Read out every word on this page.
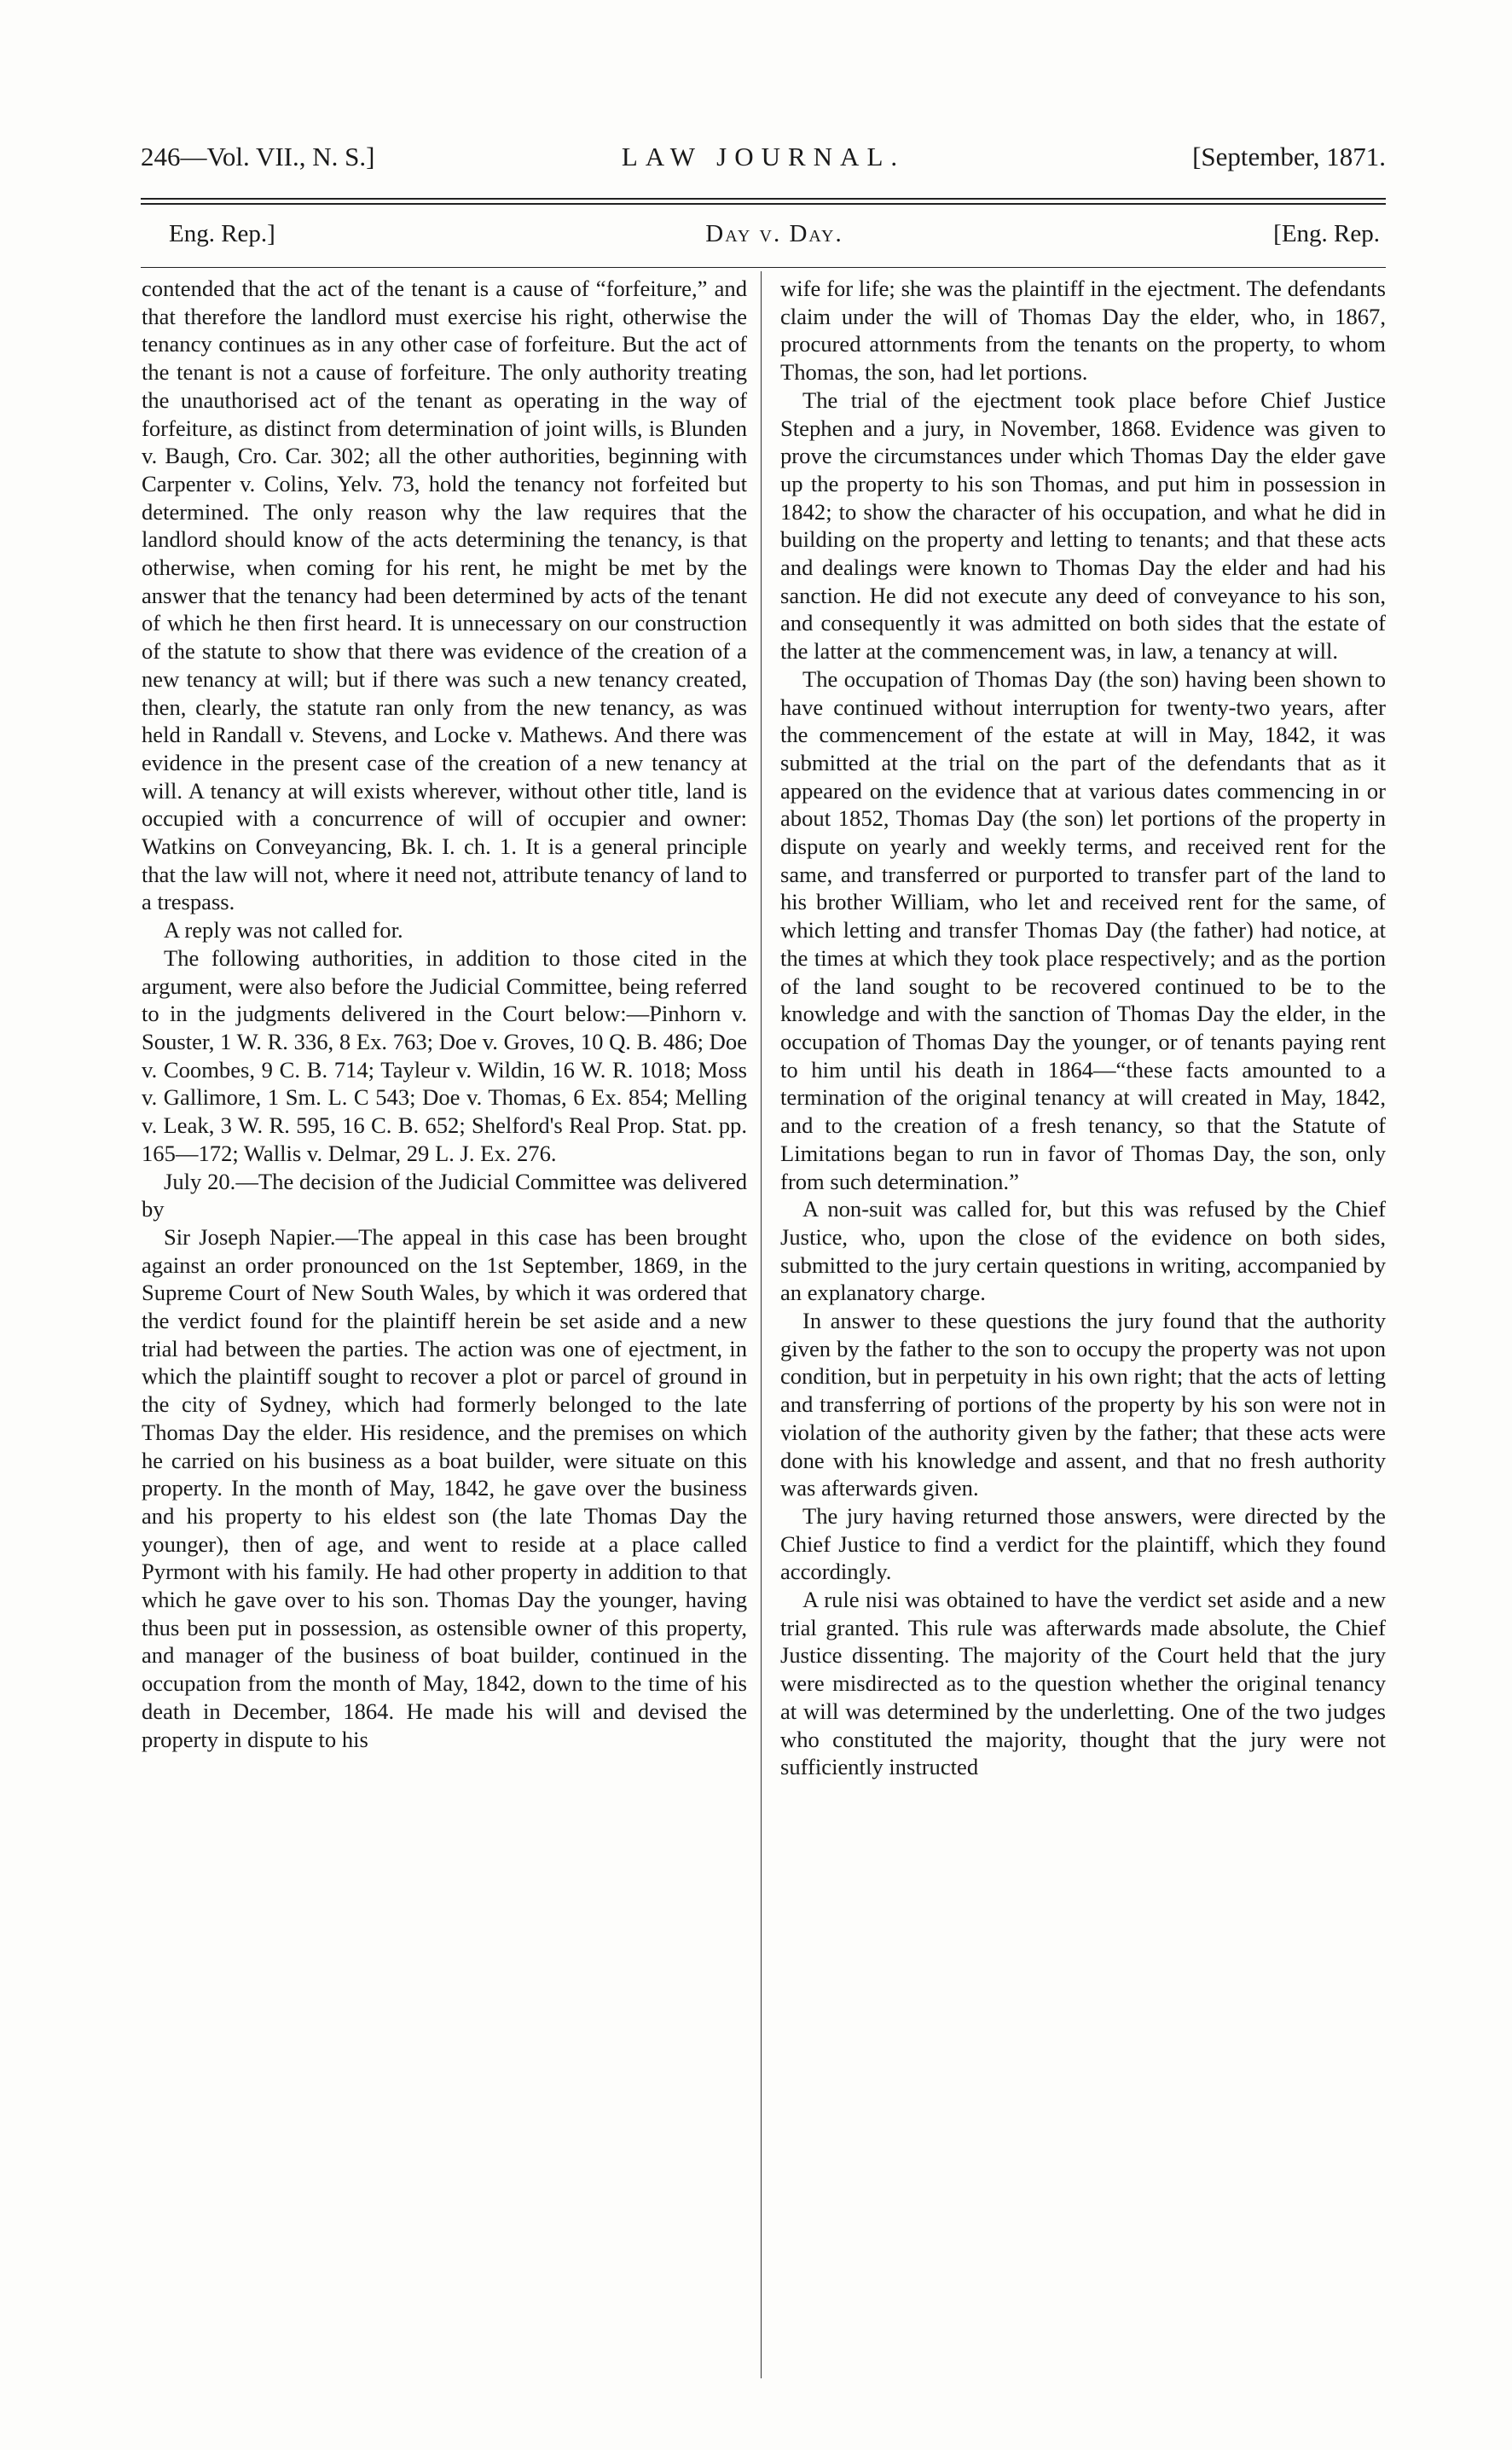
246—Vol. VII., N. S.]	LAW JOURNAL.	[September, 1871.
Eng. Rep.]	Day v. Day.	[Eng. Rep.

contended that the act of the tenant is a cause of “forfeiture,” and that therefore the landlord must exercise his right, otherwise the tenancy continues as in any other case of forfeiture. But the act of the tenant is not a cause of forfeiture. The only authority treating the unauthorised act of the tenant as operating in the way of forfeiture, as distinct from determination of joint wills, is Blunden v. Baugh, Cro. Car. 302; all the other authorities, beginning with Carpenter v. Colins, Yelv. 73, hold the tenancy not forfeited but determined. The only reason why the law requires that the landlord should know of the acts determining the tenancy, is that otherwise, when coming for his rent, he might be met by the answer that the tenancy had been determined by acts of the tenant of which he then first heard. It is unnecessary on our construction of the statute to show that there was evidence of the creation of a new tenancy at will; but if there was such a new tenancy created, then, clearly, the statute ran only from the new tenancy, as was held in Randall v. Stevens, and Locke v. Mathews. And there was evidence in the present case of the creation of a new tenancy at will. A tenancy at will exists wherever, without other title, land is occupied with a concurrence of will of occupier and owner: Watkins on Conveyancing, Bk. I. ch. 1. It is a general principle that the law will not, where it need not, attribute tenancy of land to a trespass.

A reply was not called for.

The following authorities, in addition to those cited in the argument, were also before the Judicial Committee, being referred to in the judgments delivered in the Court below:—Pinhorn v. Souster, 1 W. R. 336, 8 Ex. 763; Doe v. Groves, 10 Q. B. 486; Doe v. Coombes, 9 C. B. 714; Tayleur v. Wildin, 16 W. R. 1018; Moss v. Gallimore, 1 Sm. L. C 543; Doe v. Thomas, 6 Ex. 854; Melling v. Leak, 3 W. R. 595, 16 C. B. 652; Shelford's Real Prop. Stat. pp. 165—172; Wallis v. Delmar, 29 L. J. Ex. 276.

July 20.—The decision of the Judicial Committee was delivered by

Sir Joseph Napier.—The appeal in this case has been brought against an order pronounced on the 1st September, 1869, in the Supreme Court of New South Wales, by which it was ordered that the verdict found for the plaintiff herein be set aside and a new trial had between the parties. The action was one of ejectment, in which the plaintiff sought to recover a plot or parcel of ground in the city of Sydney, which had formerly belonged to the late Thomas Day the elder. His residence, and the premises on which he carried on his business as a boat builder, were situate on this property. In the month of May, 1842, he gave over the business and his property to his eldest son (the late Thomas Day the younger), then of age, and went to reside at a place called Pyrmont with his family. He had other property in addition to that which he gave over to his son. Thomas Day the younger, having thus been put in possession, as ostensible owner of this property, and manager of the business of boat builder, continued in the occupation from the month of May, 1842, down to the time of his death in December, 1864. He made his will and devised the property in dispute to his

wife for life; she was the plaintiff in the ejectment. The defendants claim under the will of Thomas Day the elder, who, in 1867, procured attornments from the tenants on the property, to whom Thomas, the son, had let portions.

The trial of the ejectment took place before Chief Justice Stephen and a jury, in November, 1868. Evidence was given to prove the circumstances under which Thomas Day the elder gave up the property to his son Thomas, and put him in possession in 1842; to show the character of his occupation, and what he did in building on the property and letting to tenants; and that these acts and dealings were known to Thomas Day the elder and had his sanction. He did not execute any deed of conveyance to his son, and consequently it was admitted on both sides that the estate of the latter at the commencement was, in law, a tenancy at will.

The occupation of Thomas Day (the son) having been shown to have continued without interruption for twenty-two years, after the commencement of the estate at will in May, 1842, it was submitted at the trial on the part of the defendants that as it appeared on the evidence that at various dates commencing in or about 1852, Thomas Day (the son) let portions of the property in dispute on yearly and weekly terms, and received rent for the same, and transferred or purported to transfer part of the land to his brother William, who let and received rent for the same, of which letting and transfer Thomas Day (the father) had notice, at the times at which they took place respectively; and as the portion of the land sought to be recovered continued to be to the knowledge and with the sanction of Thomas Day the elder, in the occupation of Thomas Day the younger, or of tenants paying rent to him until his death in 1864—“these facts amounted to a termination of the original tenancy at will created in May, 1842, and to the creation of a fresh tenancy, so that the Statute of Limitations began to run in favor of Thomas Day, the son, only from such determination.”

A non-suit was called for, but this was refused by the Chief Justice, who, upon the close of the evidence on both sides, submitted to the jury certain questions in writing, accompanied by an explanatory charge.

In answer to these questions the jury found that the authority given by the father to the son to occupy the property was not upon condition, but in perpetuity in his own right; that the acts of letting and transferring of portions of the property by his son were not in violation of the authority given by the father; that these acts were done with his knowledge and assent, and that no fresh authority was afterwards given.

The jury having returned those answers, were directed by the Chief Justice to find a verdict for the plaintiff, which they found accordingly.

A rule nisi was obtained to have the verdict set aside and a new trial granted. This rule was afterwards made absolute, the Chief Justice dissenting. The majority of the Court held that the jury were misdirected as to the question whether the original tenancy at will was determined by the underletting. One of the two judges who constituted the majority, thought that the jury were not sufficiently instructed
